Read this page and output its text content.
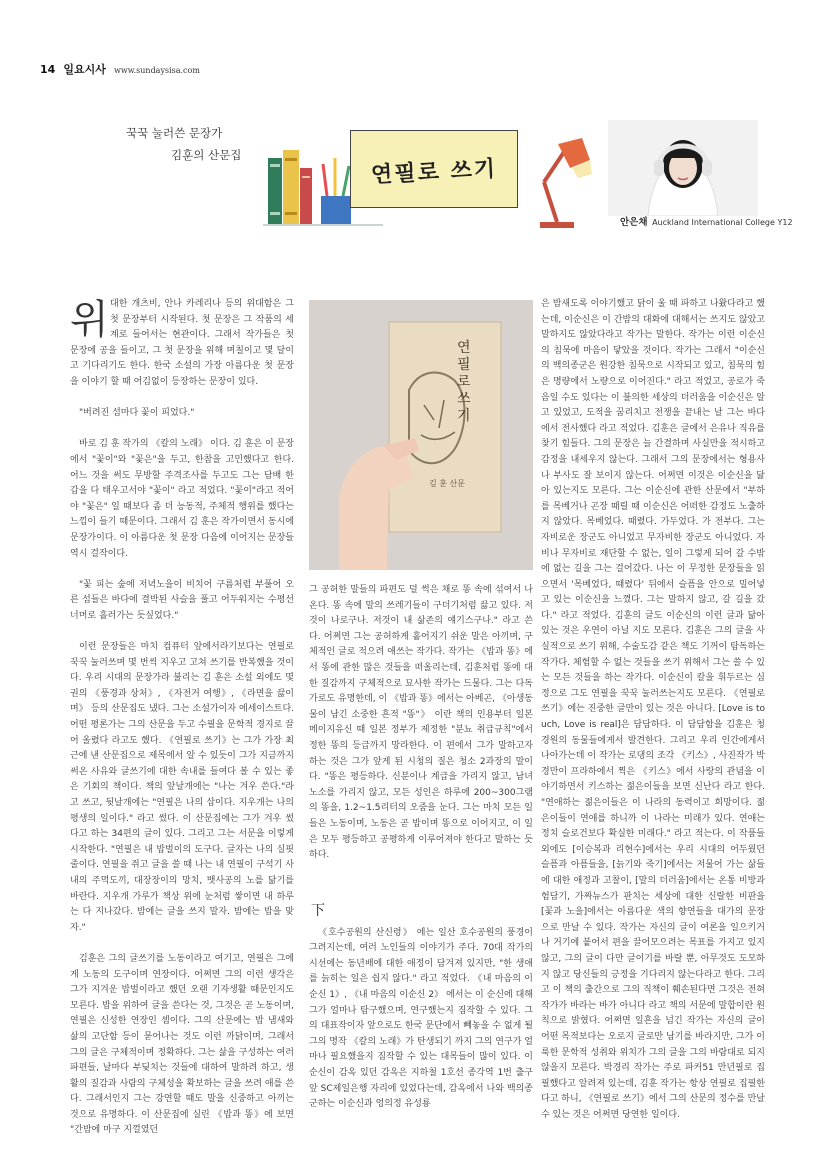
14 일요시사 www.sundaysisa.com
꾹꾹 눌러쓴 문장가
김훈의 산문집
연필로 쓰기
안은채 Auckland International College Y12
위 대한 개츠비, 안나 카레리나 등의 위대함은 그 첫 문장부터 시작된다. 첫 문장은 그 작품의 세계로 들어서는 현관이다. 그래서 작가들은 첫 문장에 공을 들이고, 그 첫 문장을 위해 며칠이고 몇 달이고 기다리기도 한다. 한국 소설의 가장 아름다운 첫 문장을 이야기 할 때 어김없이 등장하는 문장이 있다.

"버려진 섬마다 꽃이 피었다."

바로 김 훈 작가의 《칼의 노래》 이다. 김 훈은 이 문장에서 "꽃이"와 "꽃은"을 두고, 한참을 고민했다고 한다. 어느 것을 써도 무방할 주격조사를 두고도 그는 담배 한 갑을 다 태우고서야 "꽃이" 라고 적었다. "꽃이"라고 적어야 "꽃은" 일 때보다 좀 더 능동적, 주체적 행위를 했다는 느낌이 들기 때문이다. 그래서 김 훈은 작가이면서 동시에 문장가이다. 이 아름다운 첫 문장 다음에 이어지는 문장들 역시 걸작이다.

"꽃 피는 숲에 저녁노을이 비치어 구름처럼 부풀어 오른 섬들은 바다에 결박된 사슬을 풀고 어두워지는 수평선 너머로 흘러가는 듯싶었다."

이런 문장들은 마치 컴퓨터 앞에서라기보다는 연필로 꾹꾹 눌러쓰며 몇 번씩 지우고 고쳐 쓰기를 반복했을 것이다. 우리 시대의 문장가라 불리는 김 훈은 소설 외에도 몇 권의 《풍경과 상처》, 《자전거 여행》, 《라면을 끓이며》 등의 산문집도 냈다. 그는 소설가이자 에세이스트다. 어떤 평론가는 그의 산문을 두고 수필을 문학적 경지로 끌어 올렸다 라고도 했다. 《연필로 쓰기》는 그가 가장 최근에 낸 산문집으로 제목에서 알 수 있듯이 그가 지금까지 써온 사유와 글쓰기에 대한 속내를 들여다 볼 수 있는 좋은 기회의 책이다. 책의 앞날개에는 "나는 겨우 쓴다."라고 쓰고, 뒷날개에는 "연필은 나의 삽이다. 지우개는 나의 평생의 일이다." 라고 썼다. 이 산문집에는 그가 겨우 썼다고 하는 34편의 글이 있다. 그리고 그는 서문을 이렇게 시작한다. "연필은 내 밥벌이의 도구다. 글자는 나의 실핏줄이다. 연필을 쥐고 글을 쓸 때 나는 내 연필이 구석기 사내의 주먹도끼, 대장장이의 망치, 뱃사공의 노를 닮기를 바란다. 지우개 가루가 책상 위에 눈처럼 쌓이면 내 하루는 다 지나갔다. 밤에는 글을 쓰지 말자. 밤에는 밥을 맞자."

김훈은 그의 글쓰기를 노동이라고 여기고, 연필은 그에게 노동의 도구이며 연장이다. 어쩌면 그의 이런 생각은 그가 지겨운 밥벌이라고 했던 오랜 기자생활 때문인지도 모른다. 밥을 위하여 글을 쓴다는 것, 그것은 곧 노동이며, 연필은 신성한 연장인 셈이다. 그의 산문에는 밥 냄새와 삶의 고단함 등이 묻어나는 것도 이런 까닭이며, 그래서 그의 글은 구체적이며 정확하다. 그는 삶을 구성하는 여러 파편들, 날마다 부딪치는 것들에 대하여 말하려 하고, 생활의 질감과 사람의 구체성을 확보하는 글을 쓰려 애를 쓴다. 그래서인지 그는 강연할 때도 말을 신중하고 아끼는 것으로 유명하다. 이 산문집에 실린 《밥과 똥》에 보면 "간밤에 마구 지껄였던

연필로 쓰기
김 훈 산문

그 공허한 말들의 파편도 덜 썩은 채로 똥 속에 섞여서 나온다. 똥 속에 말의 쓰레기들이 구더기처럼 끓고 있다. 저것이 나로구나. 저것이 내 삶존의 얘기스구나." 라고 쓴다. 어쩌면 그는 공허하게 흩어지기 쉬운 말은 아끼며, 구체적인 글로 적으려 애쓰는 작가다. 작가는 《밥과 똥》에서 똥에 관한 많은 것들을 떠올리는데, 김훈처럼 똥에 대한 질감까지 구체적으로 묘사한 작가는 드물다. 그는 다독가로도 유명한데, 이 《밥과 똥》에서는 아베곤, 《아생동물이 남긴 소중한 흔적 "똥"》 이란 책의 인용부터 일본 메이지유신 때 일본 정부가 제정한 "분뇨 취급규칙"에서 정한 똥의 등급까지 망라한다. 이 편에서 그가 말하고자 하는 것은 그가 앞게 된 시청의 질은 청소 2과장의 말이다. "똥은 평등하다. 신분이나 계급을 가리지 않고, 남녀노소를 가리지 않고, 모든 성인은 하루에 200~300그램의 똥을, 1.2~1.5리터의 오줌을 눈다. 그는 마치 모든 일들은 노동이며, 노동은 곧 밥이며 똥으로 이어지고, 이 일은 모두 평등하고 공평하게 이루어져야 한다고 말하는 듯하다.

《호수공원의 산신령》 에는 일산 호수공원의 풍경이 그려지는데, 여러 노인들의 이야기가 주다. 70대 작가의 시선에는 동년배에 대한 애정이 담겨져 있지만, "한 생애를 늙히는 일은 쉽지 않다." 라고 적었다. 《내 마음의 이순신 1》, 《내 마음의 이순신 2》 에서는 이 순신에 대해 그가 얼마나 탐구했으며, 연구했는지 짐작할 수 있다. 그의 대표작이자 앞으로도 한국 문단에서 빼놓을 수 없게 될 그의 명작 《칼의 노래》가 탄생되기 까지 그의 연구가 얼마나 필요했을지 짐작할 수 있는 대목들이 많이 있다. 이순신이 감옥 있던 감옥은 지하철 1호선 종각역 1번 출구 앞 SC제일은행 자리에 있었다는데, 감옥에서 나와 백의종군하는 이순신과 엉의정 유성룡

下

은 밤새도록 이야기했고 닭이 울 때 파하고 나왔다라고 했는데, 이순신은 이 간밤의 대화에 대해서는 쓰지도 않았고 말하지도 않았다라고 작가는 말한다. 작가는 이런 이순신의 침묵에 마음이 닿았을 것이다. 작가는 그래서 "이순신의 백의종군은 원강한 침묵으로 시작되고 있고, 침묵의 힘은 명량에서 노량으로 이어진다." 라고 적었고, 공로가 죽음일 수도 있다는 이 불의한 세상의 더러움을 이순신은 알고 있었고, 도적을 꿈리치고 전쟁을 끝내는 날 그는 바다에서 전사했다 라고 적었다. 김훈은 글에서 은유나 직유를 찾기 힘들다. 그의 문장은 늘 간결하며 사실만을 적시하고 감정을 내세우지 않는다. 그래서 그의 문장에서는 형용사나 부사도 잘 보이지 않는다. 어쩌면 이것은 이순신을 닮아 있는지도 모른다. 그는 이순신에 관한 산문에서 "부하를 목베거나 곤장 때릴 때 이순신은 어떠한 감정도 노출하지 않았다. 목베었다. 때렸다. 가두었다. 가 전부다. 그는 자비로운 장군도 아니었고 무자비한 장군도 아니었다. 자비나 무자비로 재단할 수 없는, 일이 그렇게 되어 갈 수밖에 없는 길을 그는 걸어갔다. 나는 이 무정한 문장들을 읽으면서 '목베었다, 때렸다' 뒤에서 슬픔을 안으로 밀어넣고 있는 이순신을 느꼈다. 그는 말하지 않고, 갈 길을 갔다." 라고 적었다. 김훈의 글도 이순신의 이런 글과 닮아있는 것은 우연이 아닐 지도 모른다. 김훈은 그의 글을 사실적으로 쓰기 위해, 수술도감 같은 책도 기꺼이 탐독하는 작가다. 체험할 수 없는 것들을 쓰기 위해서 그는 쓸 수 있는 모든 것들을 하는 작가다. 이순신이 칼을 휘두르는 심정으로 그도 연필을 꾹꾹 눌러쓰는지도 모른다. 《연필로 쓰기》에는 진중한 글만이 있는 것은 아니다. [Love is touch, Love is real]은 담담하다. 이 담담함을 김훈은 청경원의 동물들에게서 발견한다. 그리고 우리 인간에게서 나아가는데 이 작가는 로댕의 조각 《키스》, 사진작가 박경만이 프라하에서 찍은 《키스》에서 사랑의 관념을 이야기하면서 키스하는 젊은이들을 보면 신난다 라고 한다. "연애하는 젊은이들은 이 나라의 동력이고 희망이다. 젊은이들이 연애를 하니까 이 나라는 미래가 있다. 연애는 정치 슬로건보다 확실한 미래다." 라고 적는다. 이 작품들 외에도 [이승복과 리현수]에서는 우리 시대의 어두웠던 슬픔과 아픔들을, [늙기와 죽기]에서는 저물어 가는 삶들에 대한 애정과 고찰이, [말의 더러움]에서는 온통 비방과 험담기, 가짜뉴스가 판치는 세상에 대한 신랄한 비판을 [꽃과 노을]에서는 아름다운 색의 향연들을 대가의 문장으로 만날 수 있다. 작가는 자신의 글이 여론을 일으키거나 거기에 붙어서 편을 끌어모으려는 목표를 가지고 있지 않고, 그의 글이 다만 글이기를 바랄 뿐, 아무것도 도모하지 않고 당신들의 긍정을 기다리지 않는다라고 한다. 그리고 이 책의 출간으로 그의 직책이 훼손된다면 그것은 전혀 작가가 바라는 바가 아니다 라고 책의 서문에 말합이란 원칙으로 밝혔다. 어쩌면 일흔을 넘긴 작가는 자신의 글이 어떤 목적보다는 오로지 글로만 남기를 바라지만, 그가 이룩한 문학적 성취와 위치가 그의 글을 그의 바람대로 되지 않을지 모른다. 박경리 작가는 주로 파커51 만년필로 집필했다고 알려져 있는데, 김훈 작가는 항상 연필로 집필한다고 하니, 《연필로 쓰기》에서 그의 산문의 정수를 만날 수 있는 것은 어쩌면 당연한 일이다.
